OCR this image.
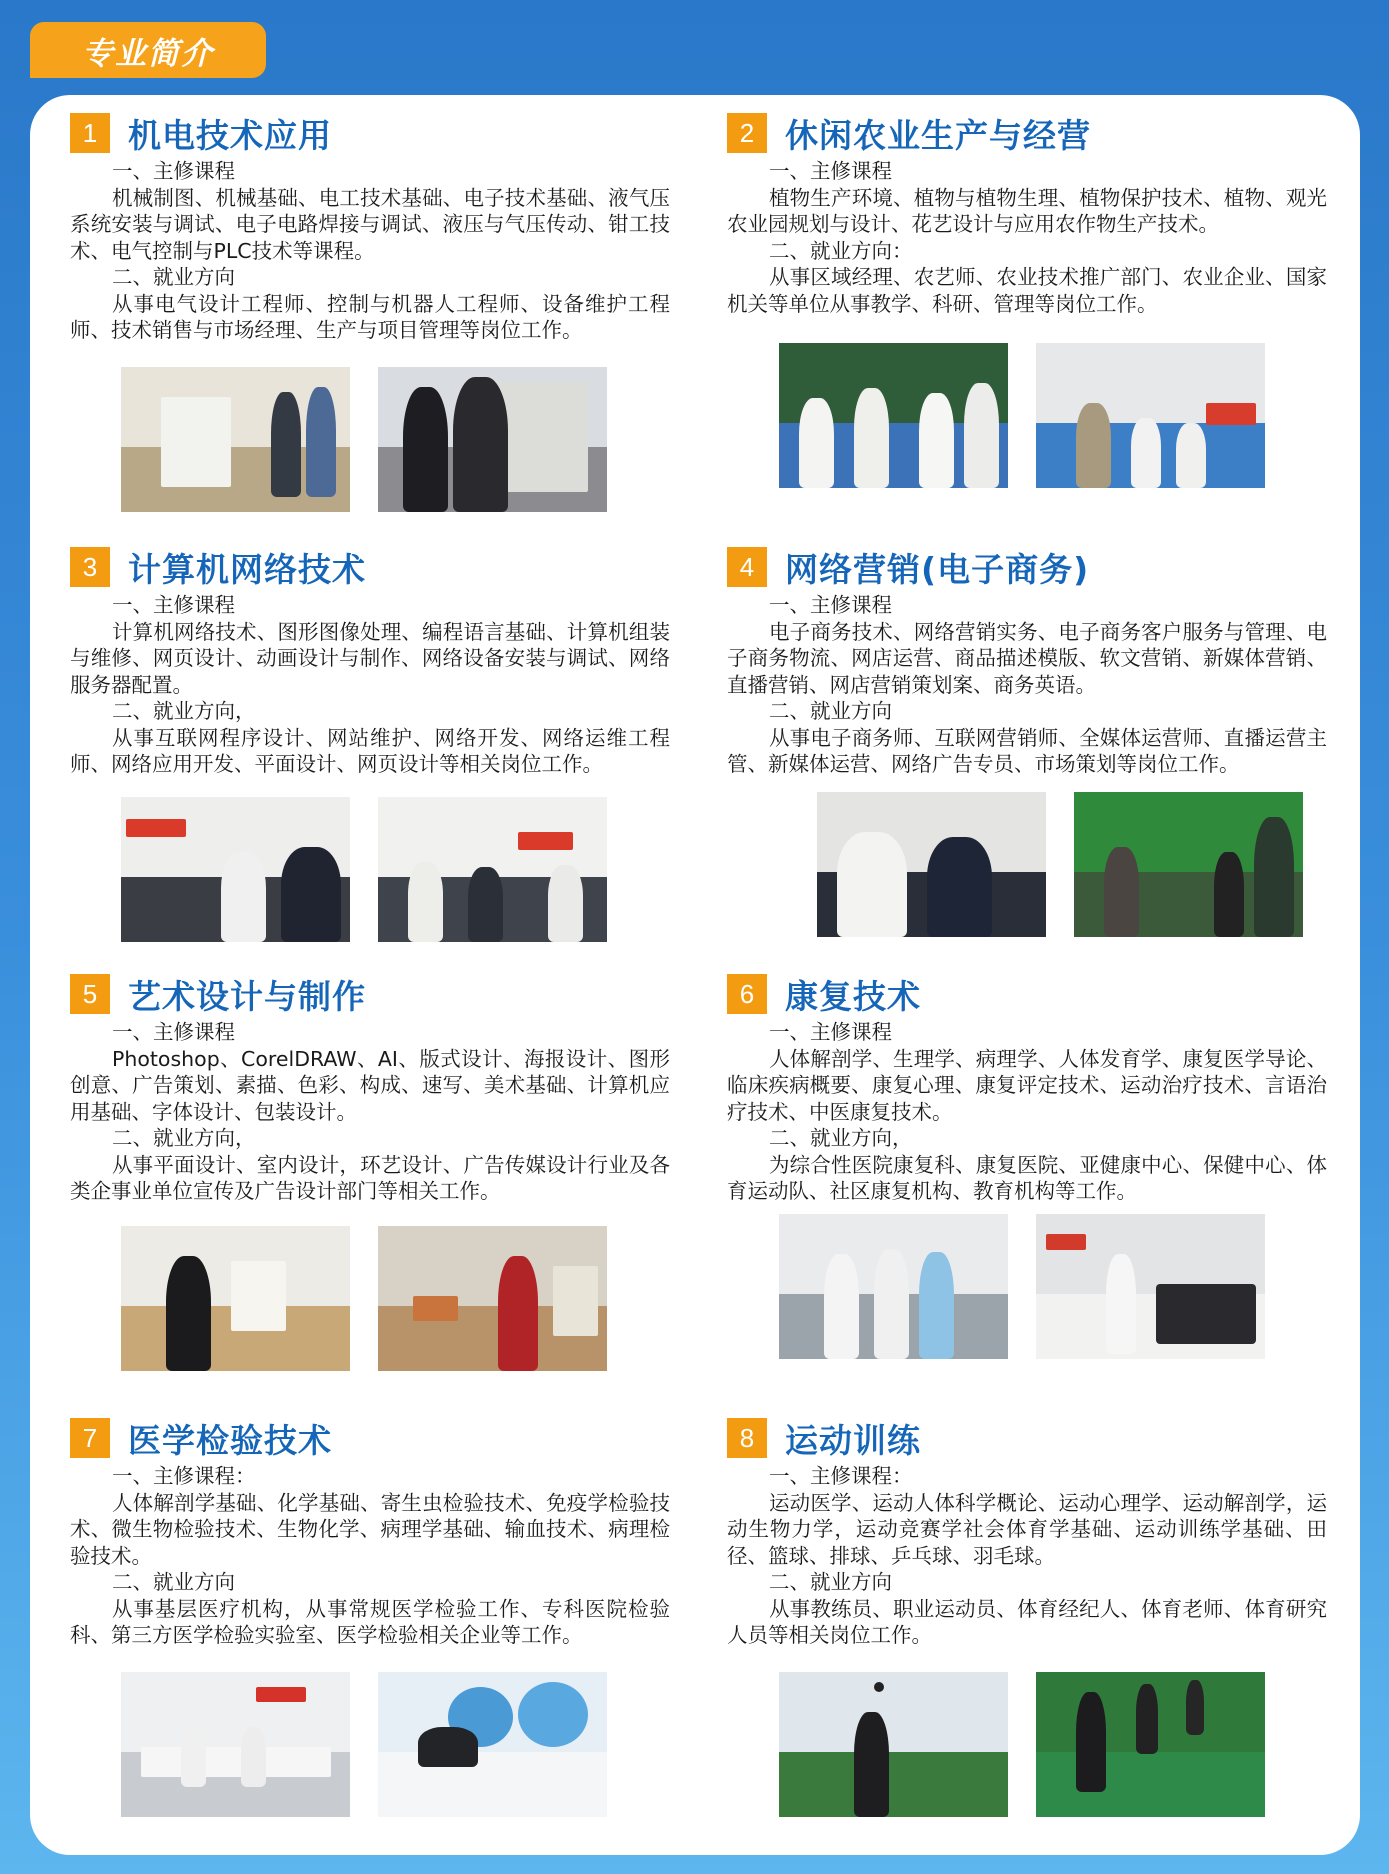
专业简介
1 机电技术应用
一、主修课程
机械制图、机械基础、电工技术基础、电子技术基础、液气压系统安装与调试、电子电路焊接与调试、液压与气压传动、钳工技术、电气控制与PLC技术等课程。
二、就业方向
从事电气设计工程师、控制与机器人工程师、设备维护工程师、技术销售与市场经理、生产与项目管理等岗位工作。
2 休闲农业生产与经营
一、主修课程
植物生产环境、植物与植物生理、植物保护技术、植物、观光农业园规划与设计、花艺设计与应用农作物生产技术。
二、就业方向：
从事区域经理、农艺师、农业技术推广部门、农业企业、国家机关等单位从事教学、科研、管理等岗位工作。
3 计算机网络技术
一、主修课程
计算机网络技术、图形图像处理、编程语言基础、计算机组装与维修、网页设计、动画设计与制作、网络设备安装与调试、网络服务器配置。
二、就业方向，
从事互联网程序设计、网站维护、网络开发、网络运维工程师、网络应用开发、平面设计、网页设计等相关岗位工作。
4 网络营销(电子商务)
一、主修课程
电子商务技术、网络营销实务、电子商务客户服务与管理、电子商务物流、网店运营、商品描述模版、软文营销、新媒体营销、直播营销、网店营销策划案、商务英语。
二、就业方向
从事电子商务师、互联网营销师、全媒体运营师、直播运营主管、新媒体运营、网络广告专员、市场策划等岗位工作。
5 艺术设计与制作
一、主修课程
Photoshop、CorelDRAW、AI、版式设计、海报设计、图形创意、广告策划、素描、色彩、构成、速写、美术基础、计算机应用基础、字体设计、包装设计。
二、就业方向，
从事平面设计、室内设计，环艺设计、广告传媒设计行业及各类企事业单位宣传及广告设计部门等相关工作。
6 康复技术
一、主修课程
人体解剖学、生理学、病理学、人体发育学、康复医学导论、临床疾病概要、康复心理、康复评定技术、运动治疗技术、言语治疗技术、中医康复技术。
二、就业方向，
为综合性医院康复科、康复医院、亚健康中心、保健中心、体育运动队、社区康复机构、教育机构等工作。
7 医学检验技术
一、主修课程：
人体解剖学基础、化学基础、寄生虫检验技术、免疫学检验技术、微生物检验技术、生物化学、病理学基础、输血技术、病理检验技术。
二、就业方向
从事基层医疗机构，从事常规医学检验工作、专科医院检验科、第三方医学检验实验室、医学检验相关企业等工作。
8 运动训练
一、主修课程：
运动医学、运动人体科学概论、运动心理学、运动解剖学，运动生物力学，运动竞赛学社会体育学基础、运动训练学基础、田径、篮球、排球、乒乓球、羽毛球。
二、就业方向
从事教练员、职业运动员、体育经纪人、体育老师、体育研究人员等相关岗位工作。
